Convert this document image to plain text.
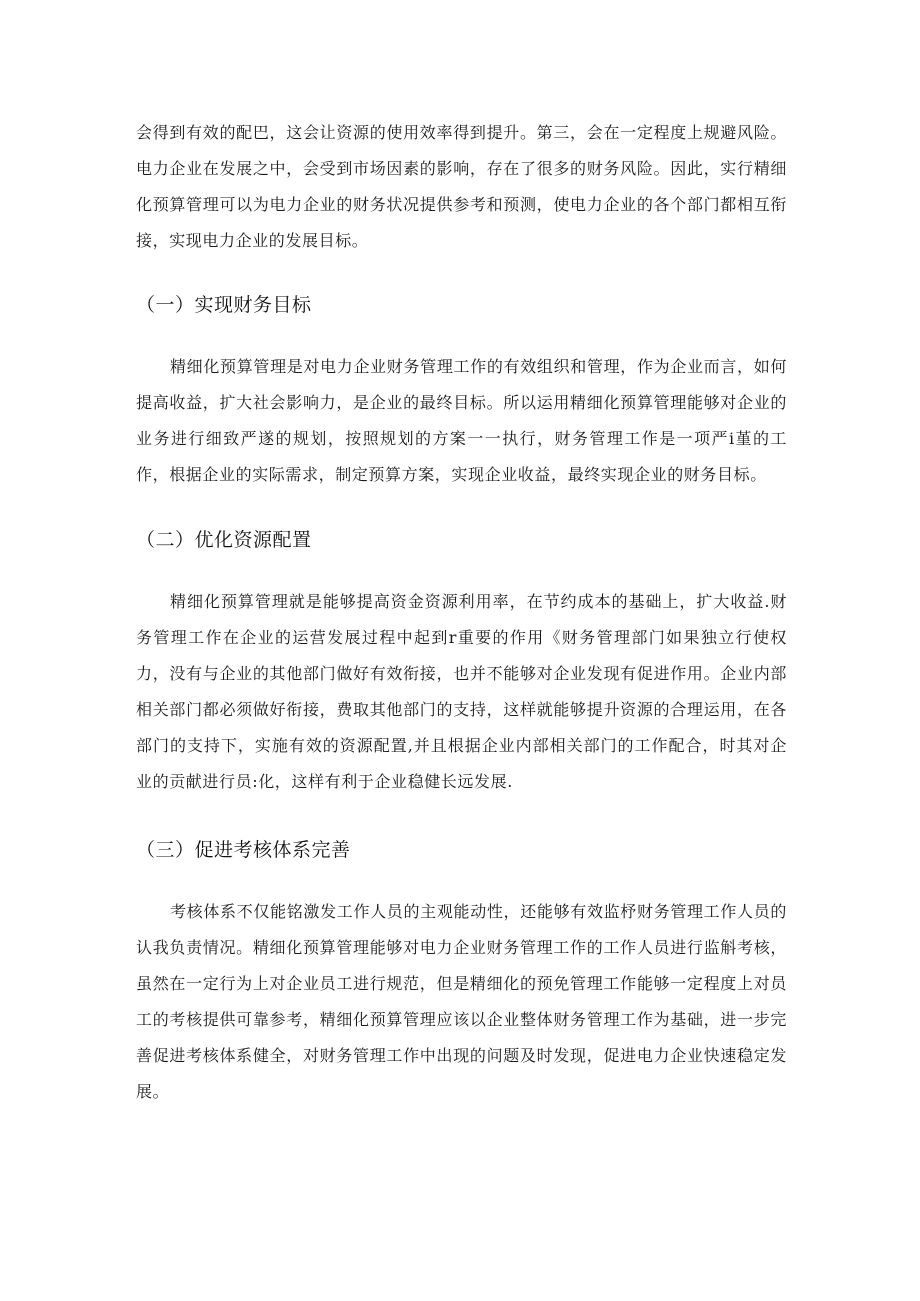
会得到有效的配巴，这会让资源的使用效率得到提升。第三，会在一定程度上规避风险。电力企业在发展之中，会受到市场因素的影响，存在了很多的财务风险。因此，实行精细化预算管理可以为电力企业的财务状况提供参考和预测，使电力企业的各个部门都相互衔接，实现电力企业的发展目标。

（一）实现财务目标

精细化预算管理是对电力企业财务管理工作的有效组织和管理，作为企业而言，如何提高收益，扩大社会影响力，是企业的最终目标。所以运用精细化预算管理能够对企业的业务进行细致严遂的规划，按照规划的方案一一执行，财务管理工作是一项严i堇的工作，根据企业的实际需求，制定预算方案，实现企业收益，最终实现企业的财务目标。

（二）优化资源配置

精细化预算管理就是能够提高资金资源利用率，在节约成本的基础上，扩大收益.财务管理工作在企业的运营发展过程中起到r重要的作用《财务管理部门如果独立行使权力，没有与企业的其他部门做好有效衔接，也并不能够对企业发现有促进作用。企业内部相关部门都必须做好衔接，费取其他部门的支持，这样就能够提升资源的合理运用，在各部门的支持下，实施有效的资源配置,并且根据企业内部相关部门的工作配合，时其对企业的贡献进行员:化，这样有利于企业稳健长远发展.

（三）促进考核体系完善

考核体系不仅能铭激发工作人员的主观能动性，还能够有效监杼财务管理工作人员的认我负责情况。精细化预算管理能够对电力企业财务管理工作的工作人员进行监斛考核，虽然在一定行为上对企业员工进行规范，但是精细化的预免管理工作能够一定程度上对员工的考核提供可靠参考，精细化预算管理应该以企业整体财务管理工作为基础，进一步完善促进考核体系健全，对财务管理工作中出现的问题及时发现，促进电力企业快速稳定发展。
